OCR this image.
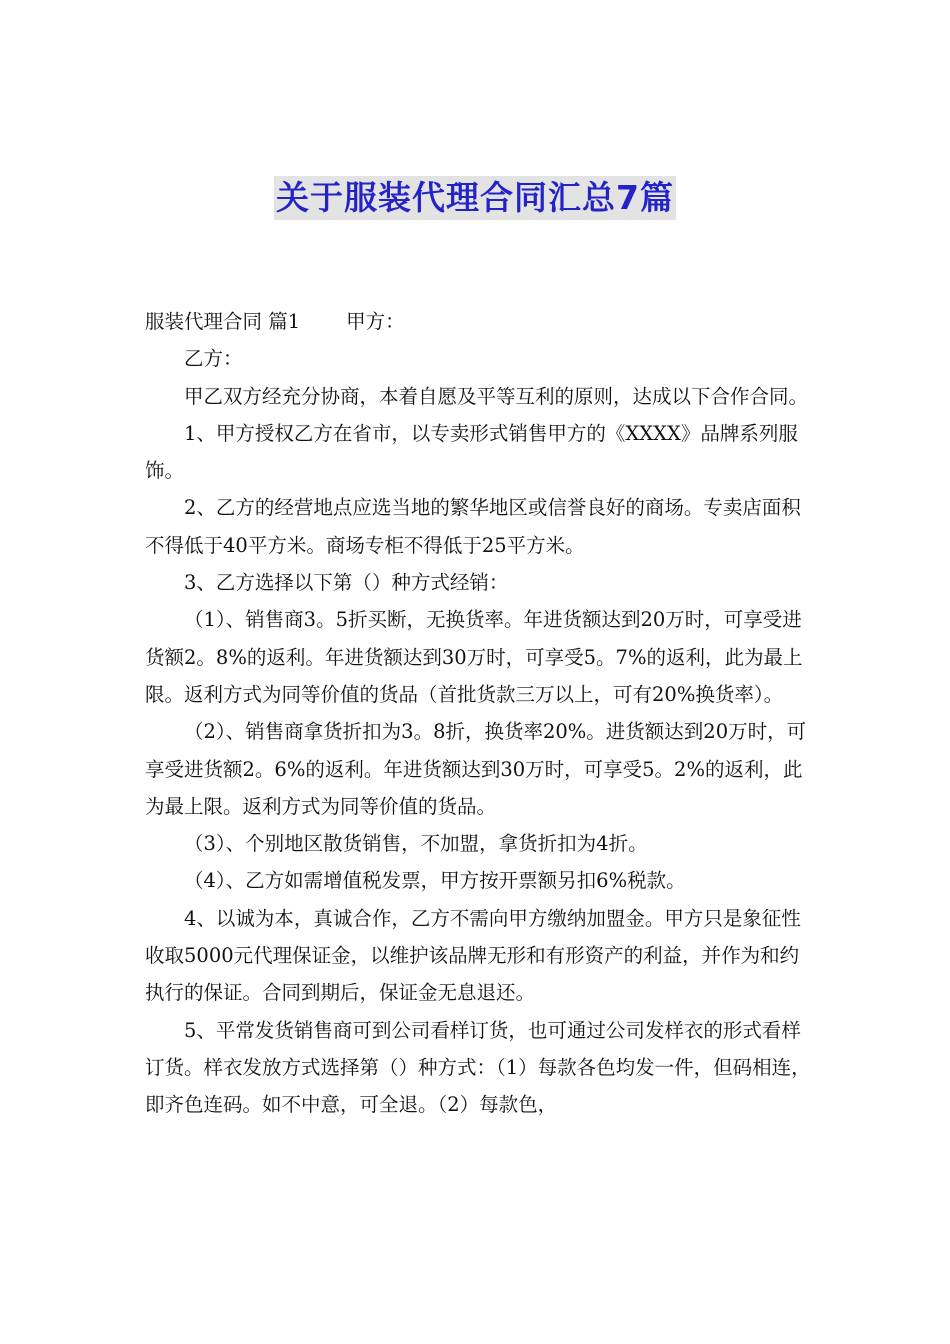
关于服装代理合同汇总7篇

服装代理合同 篇1 甲方：

乙方：

甲乙双方经充分协商，本着自愿及平等互利的原则，达成以下合作合同。

1、甲方授权乙方在省市，以专卖形式销售甲方的《XXXX》品牌系列服饰。

2、乙方的经营地点应选当地的繁华地区或信誉良好的商场。专卖店面积不得低于40平方米。商场专柜不得低于25平方米。

3、乙方选择以下第（）种方式经销：

（1）、销售商3。5折买断，无换货率。年进货额达到20万时，可享受进货额2。8%的返利。年进货额达到30万时，可享受5。7%的返利，此为最上限。返利方式为同等价值的货品（首批货款三万以上，可有20%换货率）。

（2）、销售商拿货折扣为3。8折，换货率20%。进货额达到20万时，可享受进货额2。6%的返利。年进货额达到30万时，可享受5。2%的返利，此为最上限。返利方式为同等价值的货品。

（3）、个别地区散货销售，不加盟，拿货折扣为4折。

（4）、乙方如需增值税发票，甲方按开票额另扣6%税款。

4、以诚为本，真诚合作，乙方不需向甲方缴纳加盟金。甲方只是象征性收取5000元代理保证金，以维护该品牌无形和有形资产的利益，并作为和约执行的保证。合同到期后，保证金无息退还。

5、平常发货销售商可到公司看样订货，也可通过公司发样衣的形式看样订货。样衣发放方式选择第（）种方式：（1）每款各色均发一件，但码相连，即齐色连码。如不中意，可全退。（2）每款色，
